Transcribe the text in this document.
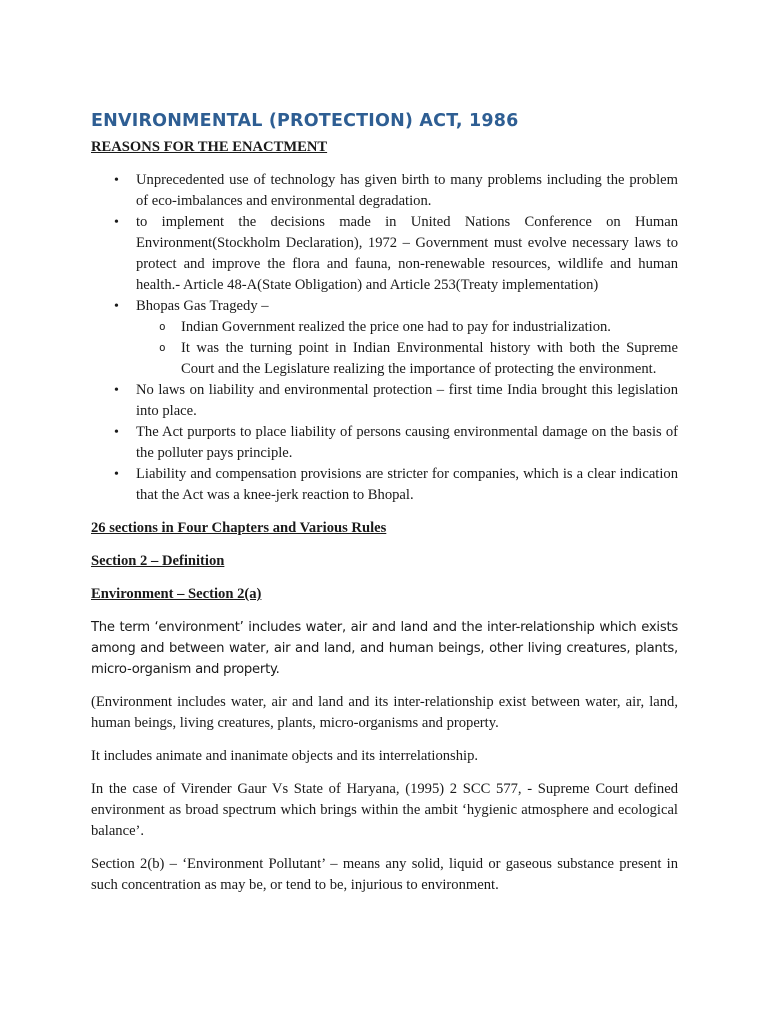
ENVIRONMENTAL (PROTECTION) ACT, 1986

REASONS FOR THE ENACTMENT

• Unprecedented use of technology has given birth to many problems including the problem of eco-imbalances and environmental degradation.
• to implement the decisions made in United Nations Conference on Human Environment(Stockholm Declaration), 1972 – Government must evolve necessary laws to protect and improve the flora and fauna, non-renewable resources, wildlife and human health.- Article 48-A(State Obligation) and Article 253(Treaty implementation)
• Bhopas Gas Tragedy –
o Indian Government realized the price one had to pay for industrialization.
o It was the turning point in Indian Environmental history with both the Supreme Court and the Legislature realizing the importance of protecting the environment.
• No laws on liability and environmental protection – first time India brought this legislation into place.
• The Act purports to place liability of persons causing environmental damage on the basis of the polluter pays principle.
• Liability and compensation provisions are stricter for companies, which is a clear indication that the Act was a knee-jerk reaction to Bhopal.

26 sections in Four Chapters and Various Rules

Section 2 – Definition

Environment – Section 2(a)

The term ‘environment’ includes water, air and land and the inter-relationship which exists among and between water, air and land, and human beings, other living creatures, plants, micro-organism and property.

(Environment includes water, air and land and its inter-relationship exist between water, air, land, human beings, living creatures, plants, micro-organisms and property.

It includes animate and inanimate objects and its interrelationship.

In the case of Virender Gaur Vs State of Haryana, (1995) 2 SCC 577, - Supreme Court defined environment as broad spectrum which brings within the ambit ‘hygienic atmosphere and ecological balance’.

Section 2(b) – ‘Environment Pollutant’ – means any solid, liquid or gaseous substance present in such concentration as may be, or tend to be, injurious to environment.
